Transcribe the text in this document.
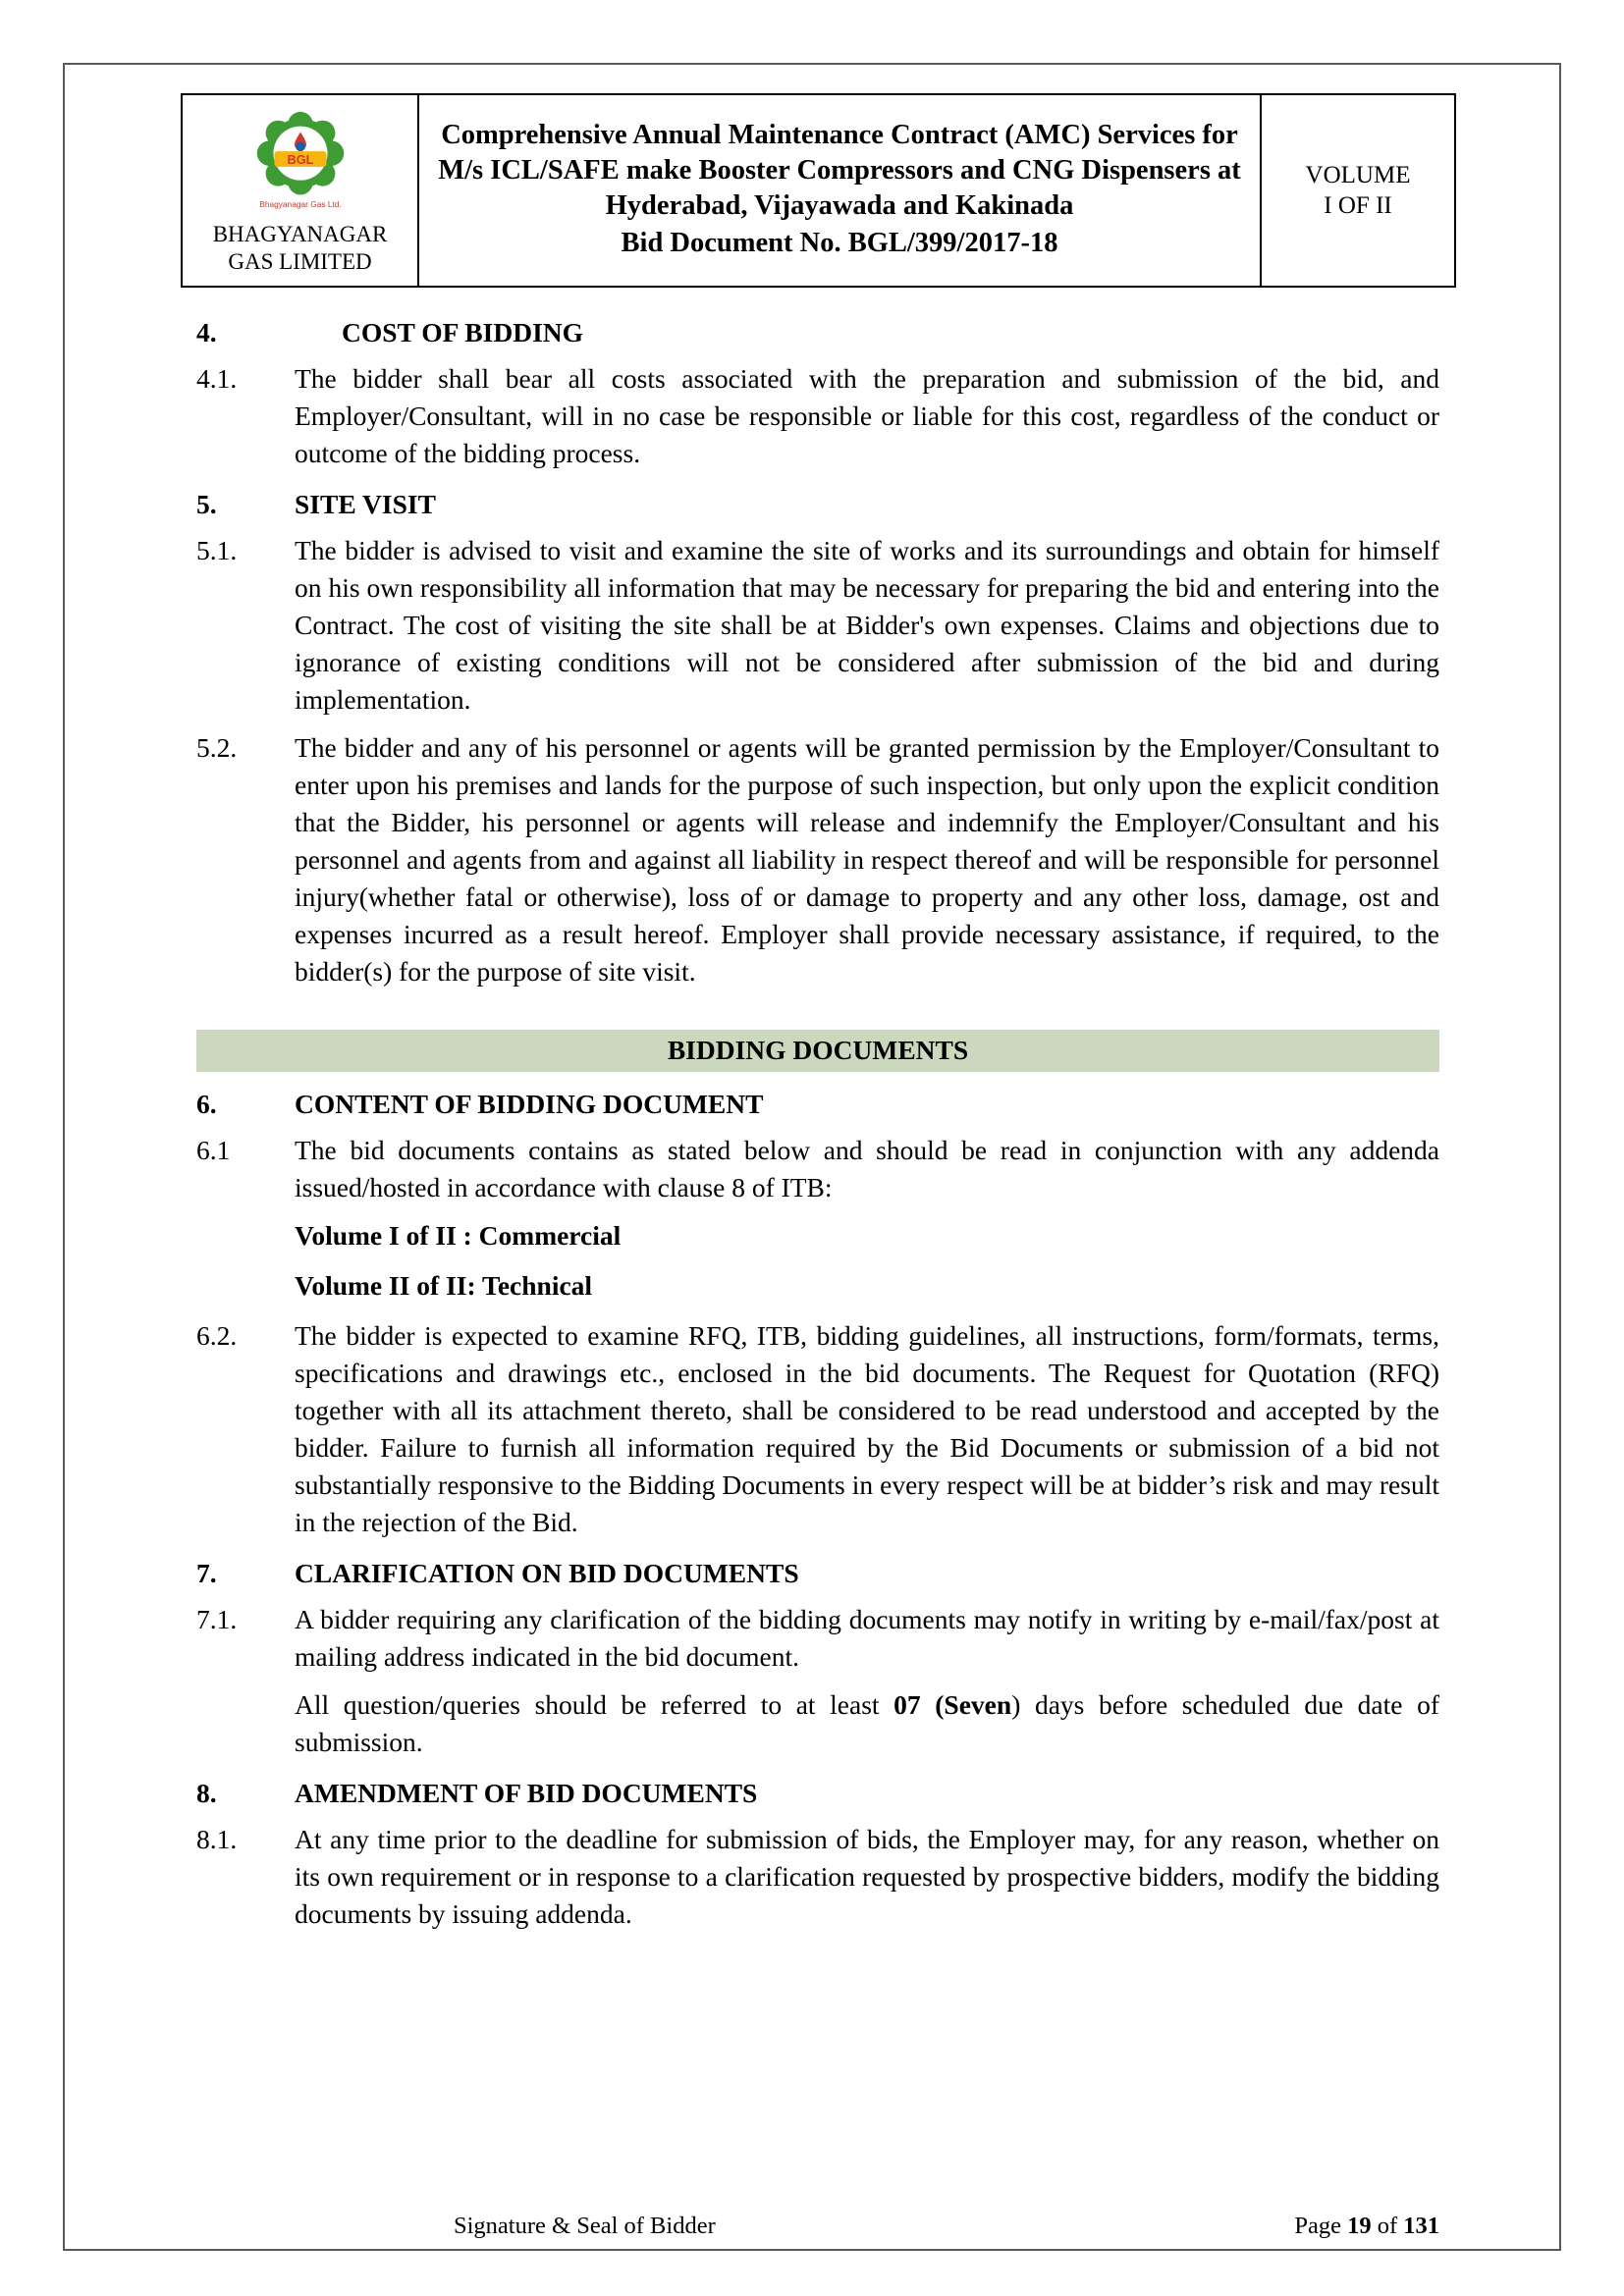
BGL
Bhagyanagar Gas Ltd.
BHAGYANAGAR
GAS LIMITED
Comprehensive Annual Maintenance Contract (AMC) Services for M/s ICL/SAFE make Booster Compressors and CNG Dispensers at Hyderabad, Vijayawada and Kakinada
Bid Document No. BGL/399/2017-18
VOLUME
I OF II
4.	COST OF BIDDING
4.1.	The bidder shall bear all costs associated with the preparation and submission of the bid, and Employer/Consultant, will in no case be responsible or liable for this cost, regardless of the conduct or outcome of the bidding process.

5.	SITE VISIT
5.1.	The bidder is advised to visit and examine the site of works and its surroundings and obtain for himself on his own responsibility all information that may be necessary for preparing the bid and entering into the Contract. The cost of visiting the site shall be at Bidder's own expenses. Claims and objections due to ignorance of existing conditions will not be considered after submission of the bid and during implementation.

5.2.	The bidder and any of his personnel or agents will be granted permission by the Employer/Consultant to enter upon his premises and lands for the purpose of such inspection, but only upon the explicit condition that the Bidder, his personnel or agents will release and indemnify the Employer/Consultant and his personnel and agents from and against all liability in respect thereof and will be responsible for personnel injury(whether fatal or otherwise), loss of or damage to property and any other loss, damage, ost and expenses incurred as a result hereof. Employer shall provide necessary assistance, if required, to the bidder(s) for the purpose of site visit.

BIDDING DOCUMENTS
6.	CONTENT OF BIDDING DOCUMENT
6.1	The bid documents contains as stated below and should be read in conjunction with any addenda issued/hosted in accordance with clause 8 of ITB:

Volume I of II : Commercial

Volume II of II: Technical

6.2.	The bidder is expected to examine RFQ, ITB, bidding guidelines, all instructions, form/formats, terms, specifications and drawings etc., enclosed in the bid documents. The Request for Quotation (RFQ) together with all its attachment thereto, shall be considered to be read understood and accepted by the bidder. Failure to furnish all information required by the Bid Documents or submission of a bid not substantially responsive to the Bidding Documents in every respect will be at bidder’s risk and may result in the rejection of the Bid.

7.	CLARIFICATION ON BID DOCUMENTS
7.1.	A bidder requiring any clarification of the bidding documents may notify in writing by e-mail/fax/post at mailing address indicated in the bid document.

All question/queries should be referred to at least 07 (Seven) days before scheduled due date of submission.

8.	AMENDMENT OF BID DOCUMENTS
8.1.	At any time prior to the deadline for submission of bids, the Employer may, for any reason, whether on its own requirement or in response to a clarification requested by prospective bidders, modify the bidding documents by issuing addenda.

Signature & Seal of Bidder	Page 19 of 131
